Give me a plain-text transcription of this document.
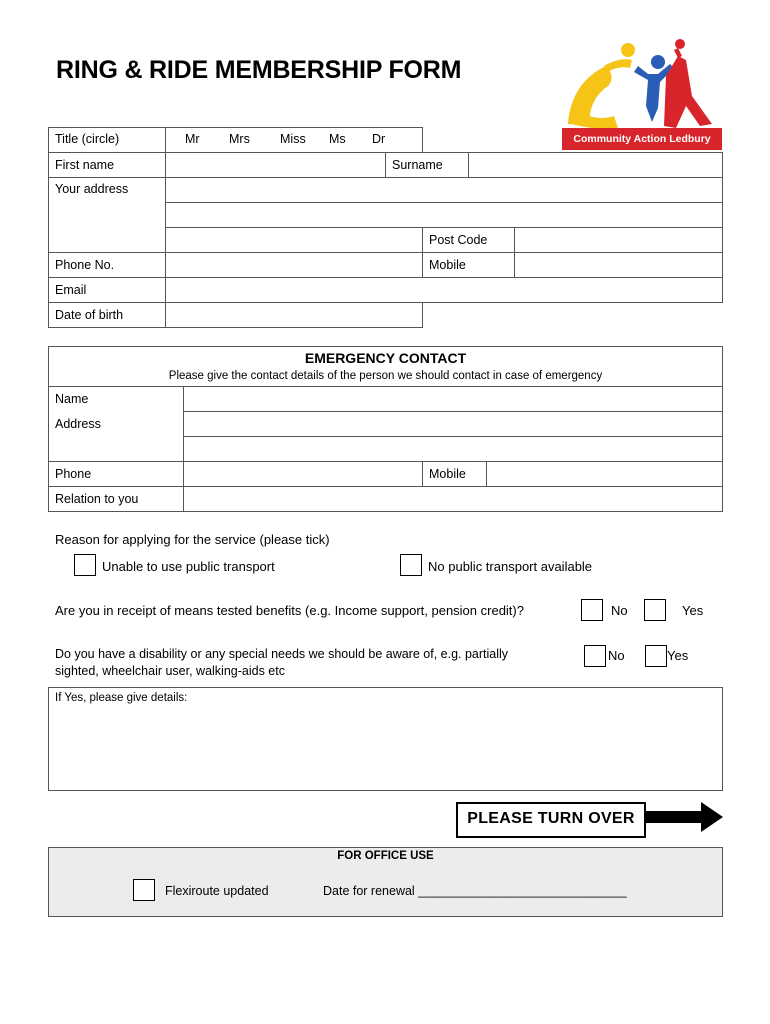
RING & RIDE MEMBERSHIP FORM
Community Action Ledbury
Title (circle)	Mr Mrs Miss Ms Dr
First name	Surname
Your address
Post Code
Phone No.	Mobile
Email
Date of birth
EMERGENCY CONTACT
Please give the contact details of the person we should contact in case of emergency
Name
Address
Phone	Mobile
Relation to you
Reason for applying for the service (please tick)
Unable to use public transport	No public transport available
Are you in receipt of means tested benefits (e.g. Income support, pension credit)?	No	Yes
Do you have a disability or any special needs we should be aware of, e.g. partially
sighted, wheelchair user, walking-aids etc
No	Yes
If Yes, please give details:
PLEASE TURN OVER
FOR OFFICE USE
Flexiroute updated	Date for renewal ______________________________
